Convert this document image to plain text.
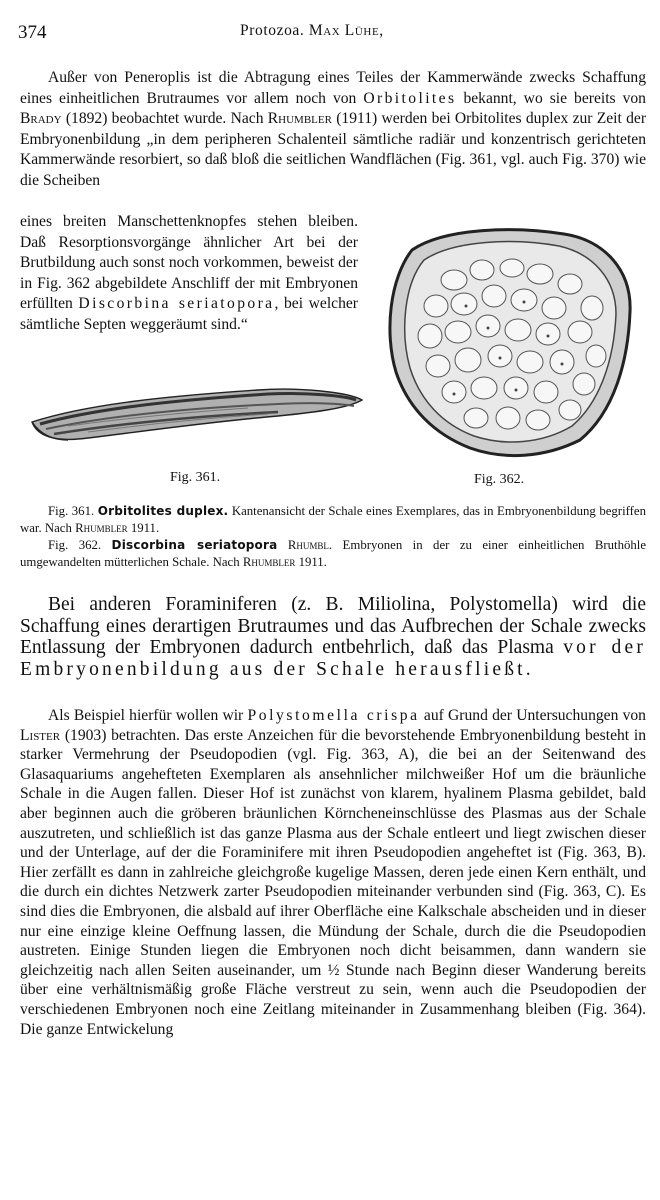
374	Protozoa. Max Lühe,
Außer von Peneroplis ist die Abtragung eines Teiles der Kammerwände zwecks Schaffung eines einheitlichen Brutraumes vor allem noch von Orbitolites bekannt, wo sie bereits von Brady (1892) beobachtet wurde. Nach Rhumbler (1911) werden bei Orbitolites duplex zur Zeit der Embryonenbildung „in dem peripheren Schalenteil sämtliche radiär und konzentrisch gerichteten Kammerwände resorbiert, so daß bloß die seitlichen Wandflächen (Fig. 361, vgl. auch Fig. 370) wie die Scheiben
eines breiten Manschettenknopfes stehen bleiben. Daß Resorptionsvorgänge ähnlicher Art bei der Brutbildung auch sonst noch vorkommen, beweist der in Fig. 362 abgebildete Anschliff der mit Embryonen erfüllten Discorbina seriatopora, bei welcher sämtliche Septen weggeräumt sind.“
Fig. 361.	Fig. 362.
Fig. 361. Orbitolites duplex. Kantenansicht der Schale eines Exemplares, das in Embryonenbildung begriffen war. Nach Rhumbler 1911.
Fig. 362. Discorbina seriatopora Rhumbl. Embryonen in der zu einer einheitlichen Bruthöhle umgewandelten mütterlichen Schale. Nach Rhumbler 1911.
Bei anderen Foraminiferen (z. B. Miliolina, Polystomella) wird die Schaffung eines derartigen Brutraumes und das Aufbrechen der Schale zwecks Entlassung der Embryonen dadurch entbehrlich, daß das Plasma vor der Embryonenbildung aus der Schale herausfließt.
Als Beispiel hierfür wollen wir Polystomella crispa auf Grund der Untersuchungen von Lister (1903) betrachten. Das erste Anzeichen für die bevorstehende Embryonenbildung besteht in starker Vermehrung der Pseudopodien (vgl. Fig. 363, A), die bei an der Seitenwand des Glasaquariums angehefteten Exemplaren als ansehnlicher milchweißer Hof um die bräunliche Schale in die Augen fallen. Dieser Hof ist zunächst von klarem, hyalinem Plasma gebildet, bald aber beginnen auch die gröberen bräunlichen Körncheneinschlüsse des Plasmas aus der Schale auszutreten, und schließlich ist das ganze Plasma aus der Schale entleert und liegt zwischen dieser und der Unterlage, auf der die Foraminifere mit ihren Pseudopodien angeheftet ist (Fig. 363, B). Hier zerfällt es dann in zahlreiche gleichgroße kugelige Massen, deren jede einen Kern enthält, und die durch ein dichtes Netzwerk zarter Pseudopodien miteinander verbunden sind (Fig. 363, C). Es sind dies die Embryonen, die alsbald auf ihrer Oberfläche eine Kalkschale abscheiden und in dieser nur eine einzige kleine Oeffnung lassen, die Mündung der Schale, durch die die Pseudopodien austreten. Einige Stunden liegen die Embryonen noch dicht beisammen, dann wandern sie gleichzeitig nach allen Seiten auseinander, um ½ Stunde nach Beginn dieser Wanderung bereits über eine verhältnismäßig große Fläche verstreut zu sein, wenn auch die Pseudopodien der verschiedenen Embryonen noch eine Zeitlang miteinander in Zusammenhang bleiben (Fig. 364). Die ganze Entwickelung
